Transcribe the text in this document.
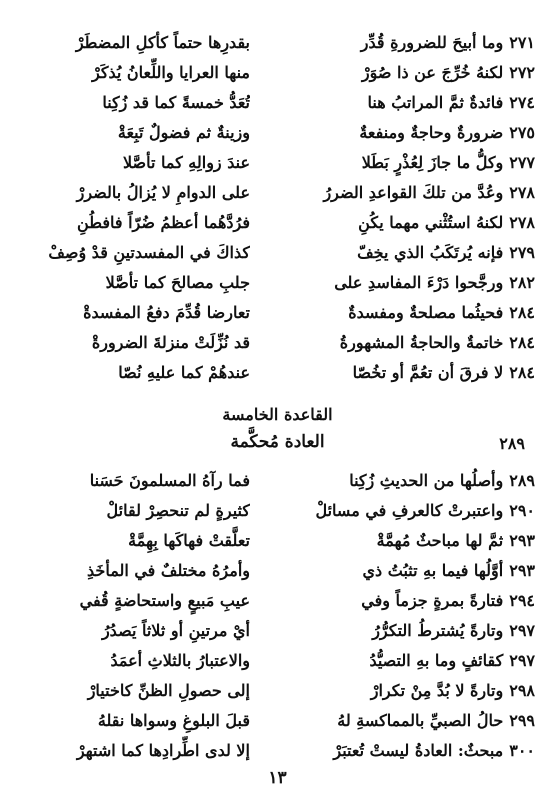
٢٧١وما أبيحَ للضرورةِ قُدِّر
٢٧٢لكنهُ خُرِّجَ عن ذا صُوَرْ
٢٧٤فائدةٌ ثمَّ المراتبُ هنا
٢٧٥ضرورةٌ وحاجةٌ ومنفعةٌ
٢٧٧وكلُّ ما جازَ لِعُذْرٍ بَطَلا
٢٧٨وعُدَّ من تلكَ القواعدِ الضررُ
٢٧٨لكنهُ استُثْني مهما يكُنِ
٢٧٩فإنه يُرتَكَبُ الذي يخِفّ
٢٨٢ورجَّحوا دَرْءَ المفاسدِ على
٢٨٤فحيثُما مصلحةٌ ومفسدةٌ
٢٨٤خاتمةٌ والحاجةُ المشهورةُ
٢٨٤لا فرقَ أن تعُمَّ أو تخُصّا
بقدرِها حتماً كأكلِ المضطَرْ
منها العرايا واللِّعانُ يُذكَرْ
تُعَدُّ خمسةً كما قد زُكِنا
وزينةٌ ثم فضولٌ تَبِعَةْ
عندَ زوالِهِ كما تأصَّلا
على الدوامِ لا يُزالُ بالضررْ
فرُدَّهُما أعظمُ ضُرّاً فافطُنِ
كذاكَ في المفسدتينِ قدْ وُصِفْ
جلبِ مصالحَ كما تأصَّلا
تعارضا قُدِّمَ دفعُ المفسدةْ
قد نُزِّلَتْ منزلةَ الضرورةْ
عندهُمْ كما عليهِ نُصّا
القاعدة الخامسة
العادة مُحكَّمة	٢٨٩
٢٨٩وأصلُها من الحديثِ زُكِنا
٢٩٠واعتبرتْ كالعرفِ في مسائلْ
٢٩٣ثمَّ لها مباحثٌ مُهمَّةْ
٢٩٣أوَّلُها فيما بهِ تثبُتُ ذي
٢٩٤فتارةً بمرةٍ جزماً وفي
٢٩٧وتارةً يُشترطُ التكرُّرُ
٢٩٧كقائفٍ وما بهِ التصيُّدُ
٢٩٨وتارةً لا بُدَّ مِنْ تكرارْ
٢٩٩حالُ الصبيِّ بالمماكسةِ لهُ
٣٠٠مبحثٌ: العادةُ ليستْ تُعتبَرْ
فما رآهُ المسلمونَ حَسَنا
كثيرةٍ لم تنحصِرْ لقائلْ
تعلَّقتْ فهاكَها بِهِمَّةْ
وأمرُهُ مختلفٌ في المأخَذِ
عيبِ مَبيعٍ واستحاضةٍ قُفي
أيْ مرتينِ أو ثلاثاً يَصدُرُ
والاعتبارُ بالثلاثِ أعمَدُ
إلى حصولِ الظنِّ كاختيارْ
قبلَ البلوغِ وسواها نقلهُ
إلا لدى اطِّرادِها كما اشتهرْ
١٣
